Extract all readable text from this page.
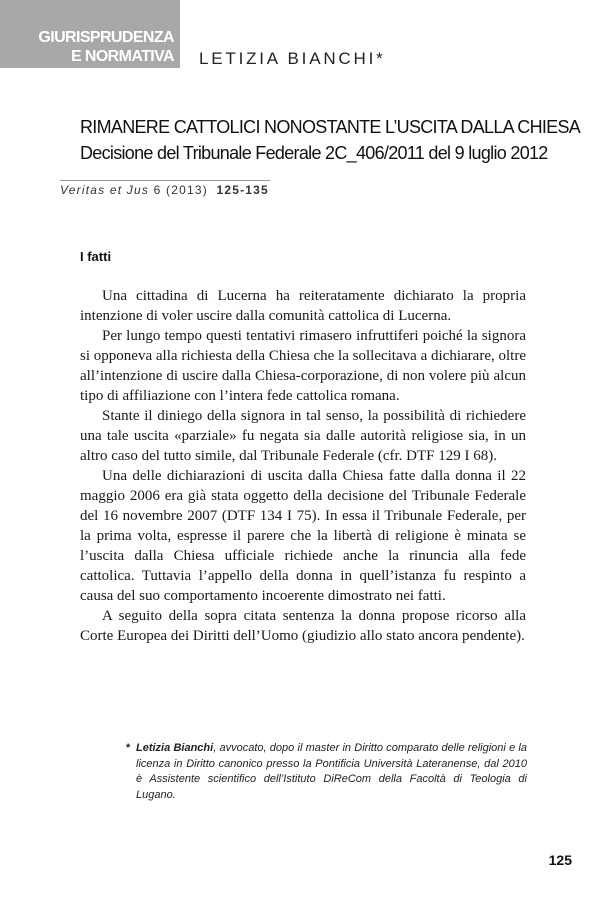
GIURISPRUDENZA
E NORMATIVA LETIZIA BIANCHI*
RIMANERE CATTOLICI NONOSTANTE L’USCITA DALLA CHIESA
Decisione del Tribunale Federale 2C_406/2011 del 9 luglio 2012
Veritas et Jus 6 (2013) 125-135
I fatti

Una cittadina di Lucerna ha reiteratamente dichiarato la propria intenzione di voler uscire dalla comunità cattolica di Lucerna.

Per lungo tempo questi tentativi rimasero infruttiferi poiché la signora si opponeva alla richiesta della Chiesa che la sollecitava a dichiarare, oltre all’intenzione di uscire dalla Chiesa-corporazione, di non volere più alcun tipo di affiliazione con l’intera fede cattolica romana.

Stante il diniego della signora in tal senso, la possibilità di richiedere una tale uscita «parziale» fu negata sia dalle autorità religiose sia, in un altro caso del tutto simile, dal Tribunale Federale (cfr. DTF 129 I 68).

Una delle dichiarazioni di uscita dalla Chiesa fatte dalla donna il 22 maggio 2006 era già stata oggetto della decisione del Tribunale Federale del 16 novembre 2007 (DTF 134 I 75). In essa il Tribunale Federale, per la prima volta, espresse il parere che la libertà di religione è minata se l’uscita dalla Chiesa ufficiale richiede anche la rinuncia alla fede cattolica. Tuttavia l’appello della donna in quell’istanza fu respinto a causa del suo comportamento incoerente dimostrato nei fatti.

A seguito della sopra citata sentenza la donna propose ricorso alla Corte Europea dei Diritti dell’Uomo (giudizio allo stato ancora pendente).

* Letizia Bianchi, avvocato, dopo il master in Diritto comparato delle religioni e la licenza in Diritto canonico presso la Pontificia Università Lateranense, dal 2010 è Assistente scientifico dell’Istituto DiReCom della Facoltà di Teologia di Lugano.
125
